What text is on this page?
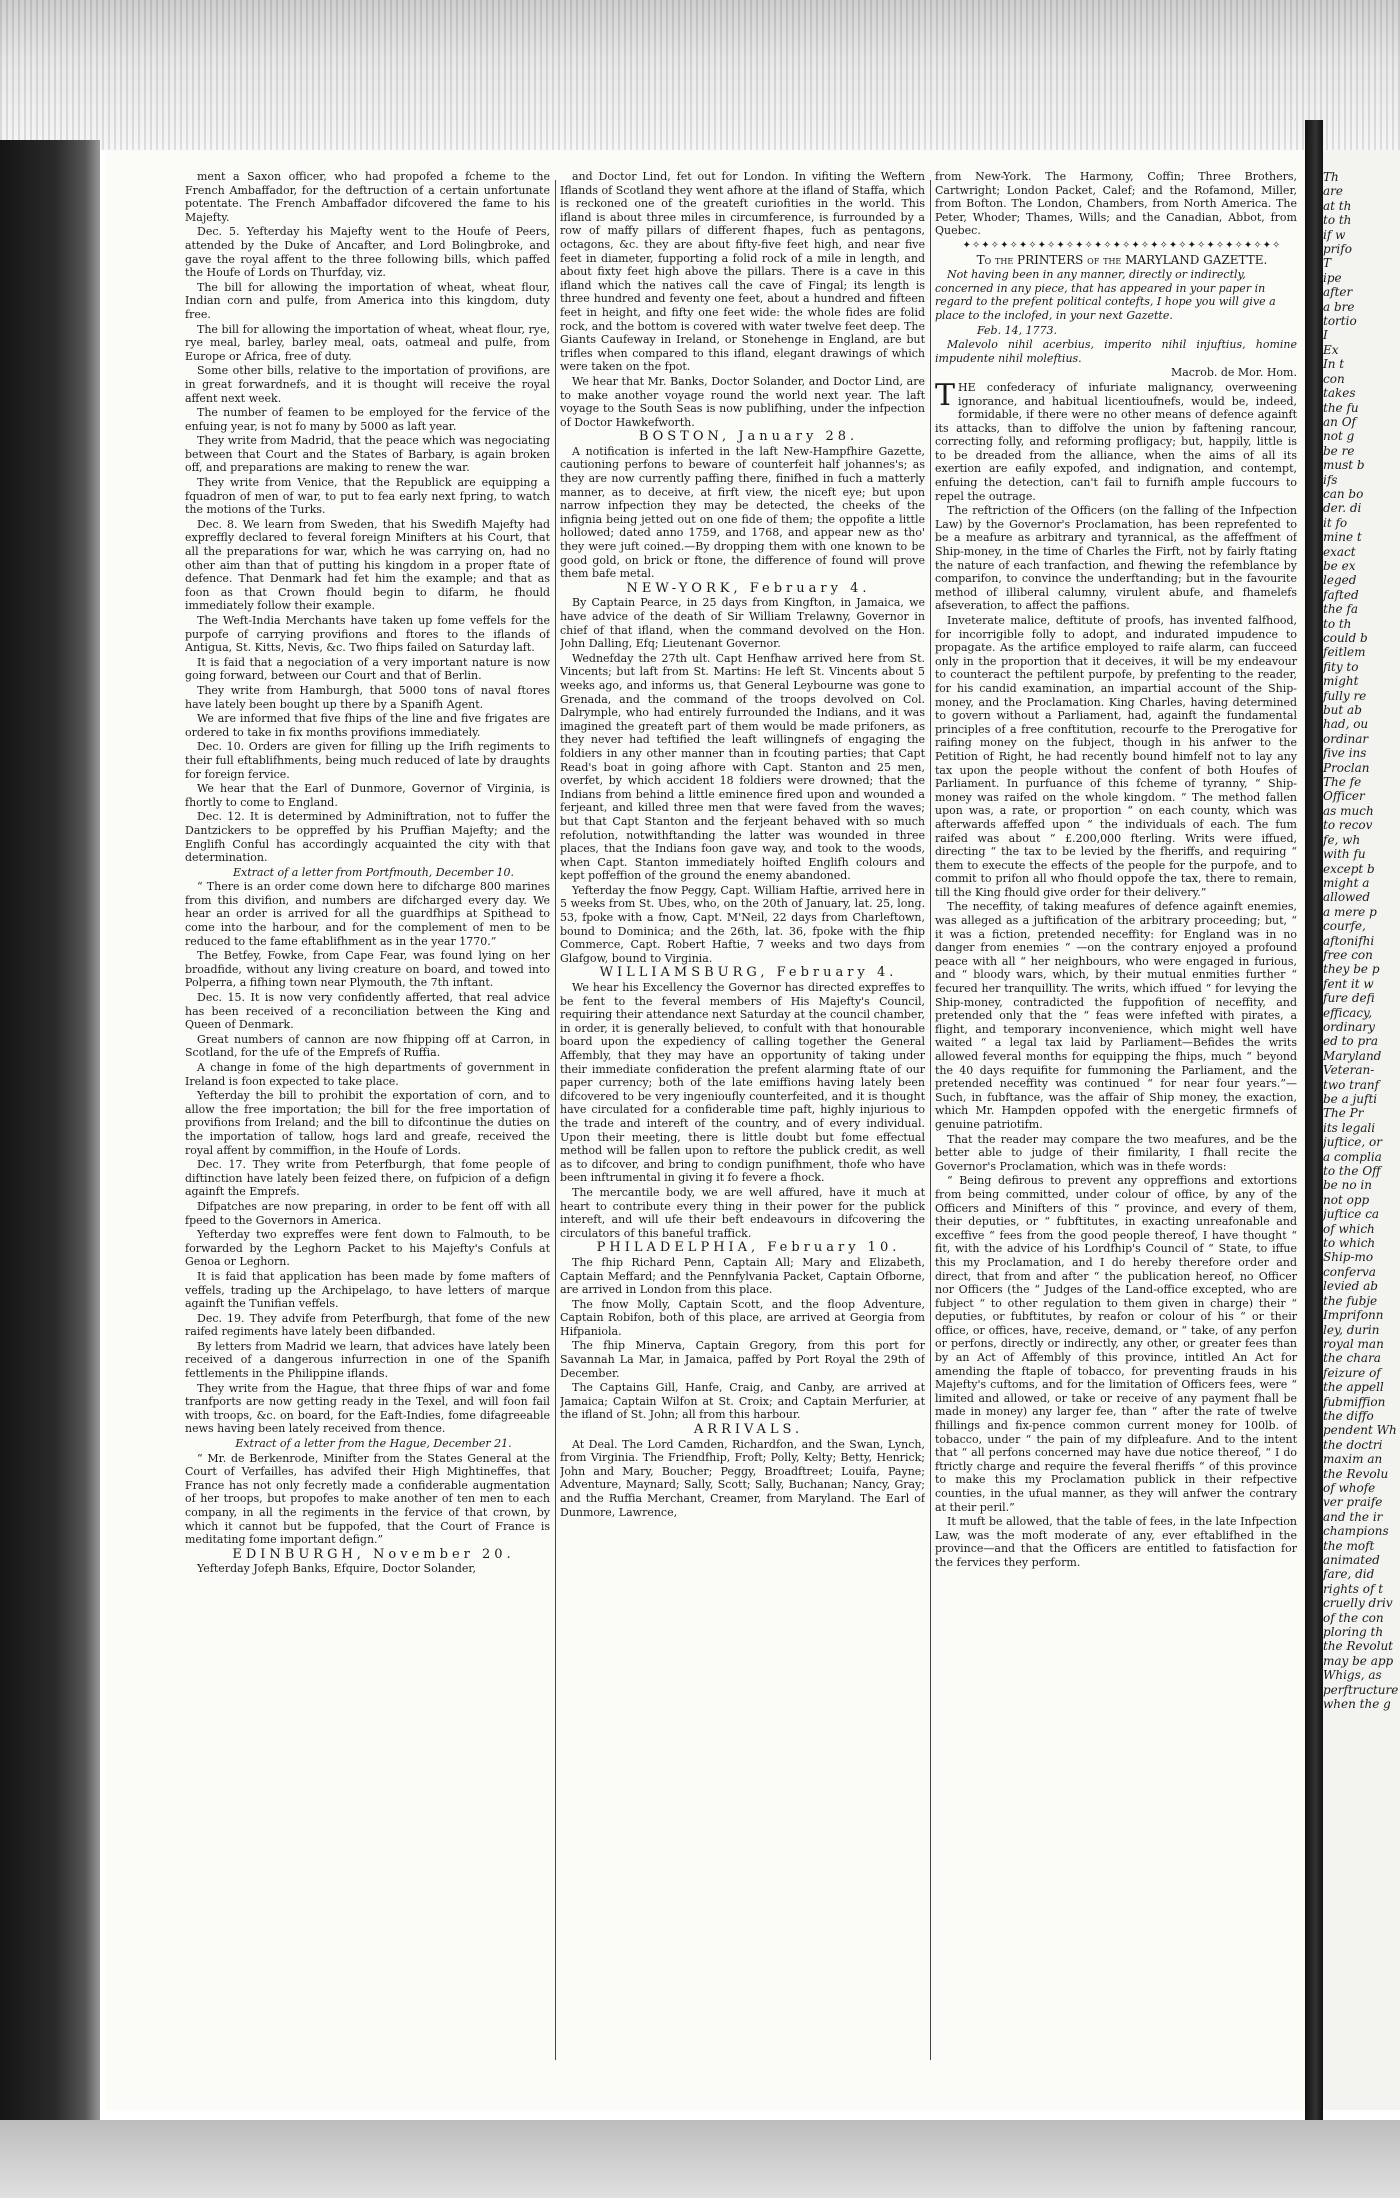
Th
are
at th
to th
if w
prifo
T
ipe
after
a bre
tortio
I
Ex
In t
con
takes
the fu
an Of
not g
be re
must b
ifs
can bo
der. di
it fo
mine t
exact
be ex
leged
fafted
the fa
to th
could b
feitlem
fity to
might
fully re
but ab
had, ou
ordinar
five ins
Proclan
The fe
Officer
as much
to recov
fe, wh
with fu
except b
might a
allowed
a mere p
courfe,
aftonifhi
free con
they be p
fent it w
fure defi
efficacy,
ordinary
ed to pra
Maryland
Veteran-
two tranf
be a jufti
The Pr
its legali
juftice, or
a complia
to the Off
be no in
not opp
juftice ca
of which
to which
Ship-mo
conferva
levied ab
the fubje
Imprifonn
ley, durin
royal man
the chara
feizure of
the appell
fubmiffion
the diffo
pendent Wh
the doctri
maxim an
the Revolu
of whofe
ver praife
and the ir
champions
the moft
animated
fare, did
rights of t
cruelly driv
of the con
ploring th
the Revolut
may be app
Whigs, as
perftructure
when the g

ment a Saxon officer, who had propofed a fcheme to the French Ambaffador, for the deftruction of a certain unfortunate potentate. The French Ambaffador difcovered the fame to his Majefty.

Dec. 5. Yefterday his Majefty went to the Houfe of Peers, attended by the Duke of Ancafter, and Lord Bolingbroke, and gave the royal affent to the three following bills, which paffed the Houfe of Lords on Thurfday, viz.

The bill for allowing the importation of wheat, wheat flour, Indian corn and pulfe, from America into this kingdom, duty free.

The bill for allowing the importation of wheat, wheat flour, rye, rye meal, barley, barley meal, oats, oatmeal and pulfe, from Europe or Africa, free of duty.

Some other bills, relative to the importation of provifions, are in great forwardnefs, and it is thought will receive the royal affent next week.

The number of feamen to be employed for the fervice of the enfuing year, is not fo many by 5000 as laft year.

They write from Madrid, that the peace which was negociating between that Court and the States of Barbary, is again broken off, and preparations are making to renew the war.

They write from Venice, that the Republick are equipping a fquadron of men of war, to put to fea early next fpring, to watch the motions of the Turks.

Dec. 8. We learn from Sweden, that his Swedifh Majefty had expreffly declared to feveral foreign Minifters at his Court, that all the preparations for war, which he was carrying on, had no other aim than that of putting his kingdom in a proper ftate of defence. That Denmark had fet him the example; and that as foon as that Crown fhould begin to difarm, he fhould immediately follow their example.

The Weft-India Merchants have taken up fome veffels for the purpofe of carrying provifions and ftores to the iflands of Antigua, St. Kitts, Nevis, &c. Two fhips failed on Saturday laft.

It is faid that a negociation of a very important nature is now going forward, between our Court and that of Berlin.

They write from Hamburgh, that 5000 tons of naval ftores have lately been bought up there by a Spanifh Agent.

We are informed that five fhips of the line and five frigates are ordered to take in fix months provifions immediately.

Dec. 10. Orders are given for filling up the Irifh regiments to their full eftablifhments, being much reduced of late by draughts for foreign fervice.

We hear that the Earl of Dunmore, Governor of Virginia, is fhortly to come to England.

Dec. 12. It is determined by Adminiftration, not to fuffer the Dantzickers to be oppreffed by his Pruffian Majefty; and the Englifh Conful has accordingly acquainted the city with that determination.

Extract of a letter from Portfmouth, December 10.

“ There is an order come down here to difcharge 800 marines from this divifion, and numbers are difcharged every day. We hear an order is arrived for all the guardfhips at Spithead to come into the harbour, and for the complement of men to be reduced to the fame eftablifhment as in the year 1770.”

The Betfey, Fowke, from Cape Fear, was found lying on her broadfide, without any living creature on board, and towed into Polperra, a fifhing town near Plymouth, the 7th inftant.

Dec. 15. It is now very confidently afferted, that real advice has been received of a reconciliation between the King and Queen of Denmark.

Great numbers of cannon are now fhipping off at Carron, in Scotland, for the ufe of the Emprefs of Ruffia.

A change in fome of the high departments of government in Ireland is foon expected to take place.

Yefterday the bill to prohibit the exportation of corn, and to allow the free importation; the bill for the free importation of provifions from Ireland; and the bill to difcontinue the duties on the importation of tallow, hogs lard and greafe, received the royal affent by commiffion, in the Houfe of Lords.

Dec. 17. They write from Peterfburgh, that fome people of diftinction have lately been feized there, on fufpicion of a defign againft the Emprefs.

Difpatches are now preparing, in order to be fent off with all fpeed to the Governors in America.

Yefterday two expreffes were fent down to Falmouth, to be forwarded by the Leghorn Packet to his Majefty's Confuls at Genoa or Leghorn.

It is faid that application has been made by fome mafters of veffels, trading up the Archipelago, to have letters of marque againft the Tunifian veffels.

Dec. 19. They advife from Peterfburgh, that fome of the new raifed regiments have lately been difbanded.

By letters from Madrid we learn, that advices have lately been received of a dangerous infurrection in one of the Spanifh fettlements in the Philippine iflands.

They write from the Hague, that three fhips of war and fome tranfports are now getting ready in the Texel, and will foon fail with troops, &c. on board, for the Eaft-Indies, fome difagreeable news having been lately received from thence.

Extract of a letter from the Hague, December 21.

“ Mr. de Berkenrode, Minifter from the States General at the Court of Verfailles, has advifed their High Mightineffes, that France has not only fecretly made a confiderable augmentation of her troops, but propofes to make another of ten men to each company, in all the regiments in the fervice of that crown, by which it cannot but be fuppofed, that the Court of France is meditating fome important defign.”

EDINBURGH, November 20.

Yefterday Jofeph Banks, Efquire, Doctor Solander,

and Doctor Lind, fet out for London. In vifiting the Weftern Iflands of Scotland they went afhore at the ifland of Staffa, which is reckoned one of the greateft curiofities in the world. This ifland is about three miles in circumference, is furrounded by a row of maffy pillars of different fhapes, fuch as pentagons, octagons, &c. they are about fifty-five feet high, and near five feet in diameter, fupporting a folid rock of a mile in length, and about fixty feet high above the pillars. There is a cave in this ifland which the natives call the cave of Fingal; its length is three hundred and feventy one feet, about a hundred and fifteen feet in height, and fifty one feet wide: the whole fides are folid rock, and the bottom is covered with water twelve feet deep. The Giants Caufeway in Ireland, or Stonehenge in England, are but trifles when compared to this ifland, elegant drawings of which were taken on the fpot.

We hear that Mr. Banks, Doctor Solander, and Doctor Lind, are to make another voyage round the world next year. The laft voyage to the South Seas is now publifhing, under the infpection of Doctor Hawkefworth.

BOSTON, January 28.

A notification is inferted in the laft New-Hampfhire Gazette, cautioning perfons to beware of counterfeit half johannes's; as they are now currently paffing there, finifhed in fuch a matterly manner, as to deceive, at firft view, the niceft eye; but upon narrow infpection they may be detected, the cheeks of the infignia being jetted out on one fide of them; the oppofite a little hollowed; dated anno 1759, and 1768, and appear new as tho' they were juft coined.—By dropping them with one known to be good gold, on brick or ftone, the difference of found will prove them bafe metal.

NEW-YORK, February 4.

By Captain Pearce, in 25 days from Kingfton, in Jamaica, we have advice of the death of Sir William Trelawny, Governor in chief of that ifland, when the command devolved on the Hon. John Dalling, Efq; Lieutenant Governor.

Wednefday the 27th ult. Capt Henfhaw arrived here from St. Vincents; but laft from St. Martins: He left St. Vincents about 5 weeks ago, and informs us, that General Leybourne was gone to Grenada, and the command of the troops devolved on Col. Dalrymple, who had entirely furrounded the Indians, and it was imagined the greateft part of them would be made prifoners, as they never had teftified the leaft willingnefs of engaging the foldiers in any other manner than in fcouting parties; that Capt Read's boat in going afhore with Capt. Stanton and 25 men, overfet, by which accident 18 foldiers were drowned; that the Indians from behind a little eminence fired upon and wounded a ferjeant, and killed three men that were faved from the waves; but that Capt Stanton and the ferjeant behaved with so much refolution, notwithftanding the latter was wounded in three places, that the Indians foon gave way, and took to the woods, when Capt. Stanton immediately hoifted Englifh colours and kept poffeffion of the ground the enemy abandoned.

Yefterday the fnow Peggy, Capt. William Haftie, arrived here in 5 weeks from St. Ubes, who, on the 20th of January, lat. 25, long. 53, fpoke with a fnow, Capt. M'Neil, 22 days from Charleftown, bound to Dominica; and the 26th, lat. 36, fpoke with the fhip Commerce, Capt. Robert Haftie, 7 weeks and two days from Glafgow, bound to Virginia.

WILLIAMSBURG, February 4.

We hear his Excellency the Governor has directed expreffes to be fent to the feveral members of His Majefty's Council, requiring their attendance next Saturday at the council chamber, in order, it is generally believed, to confult with that honourable board upon the expediency of calling together the General Affembly, that they may have an opportunity of taking under their immediate confideration the prefent alarming ftate of our paper currency; both of the late emiffions having lately been difcovered to be very ingenioufly counterfeited, and it is thought have circulated for a confiderable time paft, highly injurious to the trade and intereft of the country, and of every individual. Upon their meeting, there is little doubt but fome effectual method will be fallen upon to reftore the publick credit, as well as to difcover, and bring to condign punifhment, thofe who have been inftrumental in giving it fo fevere a fhock.

The mercantile body, we are well affured, have it much at heart to contribute every thing in their power for the publick intereft, and will ufe their beft endeavours in difcovering the circulators of this baneful traffick.

PHILADELPHIA, February 10.

The fhip Richard Penn, Captain All; Mary and Elizabeth, Captain Meffard; and the Pennfylvania Packet, Captain Ofborne, are arrived in London from this place.

The fnow Molly, Captain Scott, and the floop Adventure, Captain Robifon, both of this place, are arrived at Georgia from Hifpaniola.

The fhip Minerva, Captain Gregory, from this port for Savannah La Mar, in Jamaica, paffed by Port Royal the 29th of December.

The Captains Gill, Hanfe, Craig, and Canby, are arrived at Jamaica; Captain Wilfon at St. Croix; and Captain Merfurier, at the ifland of St. John; all from this harbour.

ARRIVALS.

At Deal. The Lord Camden, Richardfon, and the Swan, Lynch, from Virginia. The Friendfhip, Froft; Polly, Kelty; Betty, Henrick; John and Mary, Boucher; Peggy, Broadftreet; Louifa, Payne; Adventure, Maynard; Sally, Scott; Sally, Buchanan; Nancy, Gray; and the Ruffia Merchant, Creamer, from Maryland. The Earl of Dunmore, Lawrence,

from New-York. The Harmony, Coffin; Three Brothers, Cartwright; London Packet, Calef; and the Rofamond, Miller, from Bofton. The London, Chambers, from North America. The Peter, Whoder; Thames, Wills; and the Canadian, Abbot, from Quebec.

✦✧✦✧✦✧✦✧✦✧✦✧✦✧✦✧✦✧✦✧✦✧✦✧✦✧✦✧✦✧✦✧✦✧

To the PRINTERS of the MARYLAND GAZETTE.

Not having been in any manner, directly or indirectly, concerned in any piece, that has appeared in your paper in regard to the prefent political contefts, I hope you will give a place to the inclofed, in your next Gazette.

Feb. 14, 1773.

Malevolo nihil acerbius, imperito nihil injuftius, homine impudente nihil moleftius.

Macrob. de Mor. Hom.

THE confederacy of infuriate malignancy, overweening ignorance, and habitual licentioufnefs, would be, indeed, formidable, if there were no other means of defence againft its attacks, than to diffolve the union by faftening rancour, correcting folly, and reforming profligacy; but, happily, little is to be dreaded from the alliance, when the aims of all its exertion are eafily expofed, and indignation, and contempt, enfuing the detection, can't fail to furnifh ample fuccours to repel the outrage.

The reftriction of the Officers (on the falling of the Infpection Law) by the Governor's Proclamation, has been reprefented to be a meafure as arbitrary and tyrannical, as the affeffment of Ship-money, in the time of Charles the Firft, not by fairly ftating the nature of each tranfaction, and fhewing the refemblance by comparifon, to convince the underftanding; but in the favourite method of illiberal calumny, virulent abufe, and fhamelefs afseveration, to affect the paffions.

Inveterate malice, deftitute of proofs, has invented falfhood, for incorrigible folly to adopt, and indurated impudence to propagate. As the artifice employed to raife alarm, can fucceed only in the proportion that it deceives, it will be my endeavour to counteract the peftilent purpofe, by prefenting to the reader, for his candid examination, an impartial account of the Ship-money, and the Proclamation. King Charles, having determined to govern without a Parliament, had, againft the fundamental principles of a free conftitution, recourfe to the Prerogative for raifing money on the fubject, though in his anfwer to the Petition of Right, he had recently bound himfelf not to lay any tax upon the people without the confent of both Houfes of Parliament. In purfuance of this fcheme of tyranny, “ Ship-money was raifed on the whole kingdom. “ The method fallen upon was, a rate, or proportion “ on each county, which was afterwards affeffed upon “ the individuals of each. The fum raifed was about “ £.200,000 fterling. Writs were iffued, directing “ the tax to be levied by the fheriffs, and requiring “ them to execute the effects of the people for the purpofe, and to commit to prifon all who fhould oppofe the tax, there to remain, till the King fhould give order for their delivery.”

The neceffity, of taking meafures of defence againft enemies, was alleged as a juftification of the arbitrary proceeding; but, “ it was a fiction, pretended neceffity: for England was in no danger from enemies “ —on the contrary enjoyed a profound peace with all “ her neighbours, who were engaged in furious, and “ bloody wars, which, by their mutual enmities further “ fecured her tranquillity. The writs, which iffued “ for levying the Ship-money, contradicted the fuppofition of neceffity, and pretended only that the “ feas were infefted with pirates, a flight, and temporary inconvenience, which might well have waited “ a legal tax laid by Parliament—Befides the writs allowed feveral months for equipping the fhips, much “ beyond the 40 days requifite for fummoning the Parliament, and the pretended neceffity was continued “ for near four years.”—Such, in fubftance, was the affair of Ship money, the exaction, which Mr. Hampden oppofed with the energetic firmnefs of genuine patriotifm.

That the reader may compare the two meafures, and be the better able to judge of their fimilarity, I fhall recite the Governor's Proclamation, which was in thefe words:

“ Being defirous to prevent any oppreffions and extortions from being committed, under colour of office, by any of the Officers and Minifters of this “ province, and every of them, their deputies, or “ fubftitutes, in exacting unreafonable and exceffive “ fees from the good people thereof, I have thought “ fit, with the advice of his Lordfhip's Council of “ State, to iffue this my Proclamation, and I do hereby therefore order and direct, that from and after “ the publication hereof, no Officer nor Officers (the “ Judges of the Land-office excepted, who are fubject “ to other regulation to them given in charge) their “ deputies, or fubftitutes, by reafon or colour of his “ or their office, or offices, have, receive, demand, or “ take, of any perfon or perfons, directly or indirectly, any other, or greater fees than by an Act of Affembly of this province, intitled An Act for amending the ftaple of tobacco, for preventing frauds in his Majefty's cuftoms, and for the limitation of Officers fees, were “ limited and allowed, or take or receive of any payment fhall be made in money) any larger fee, than “ after the rate of twelve fhillings and fix-pence common current money for 100lb. of tobacco, under “ the pain of my difpleafure. And to the intent that “ all perfons concerned may have due notice thereof, “ I do ftrictly charge and require the feveral fheriffs “ of this province to make this my Proclamation publick in their refpective counties, in the ufual manner, as they will anfwer the contrary at their peril.”

It muft be allowed, that the table of fees, in the late Infpection Law, was the moft moderate of any, ever eftablifhed in the province—and that the Officers are entitled to fatisfaction for the fervices they perform.
